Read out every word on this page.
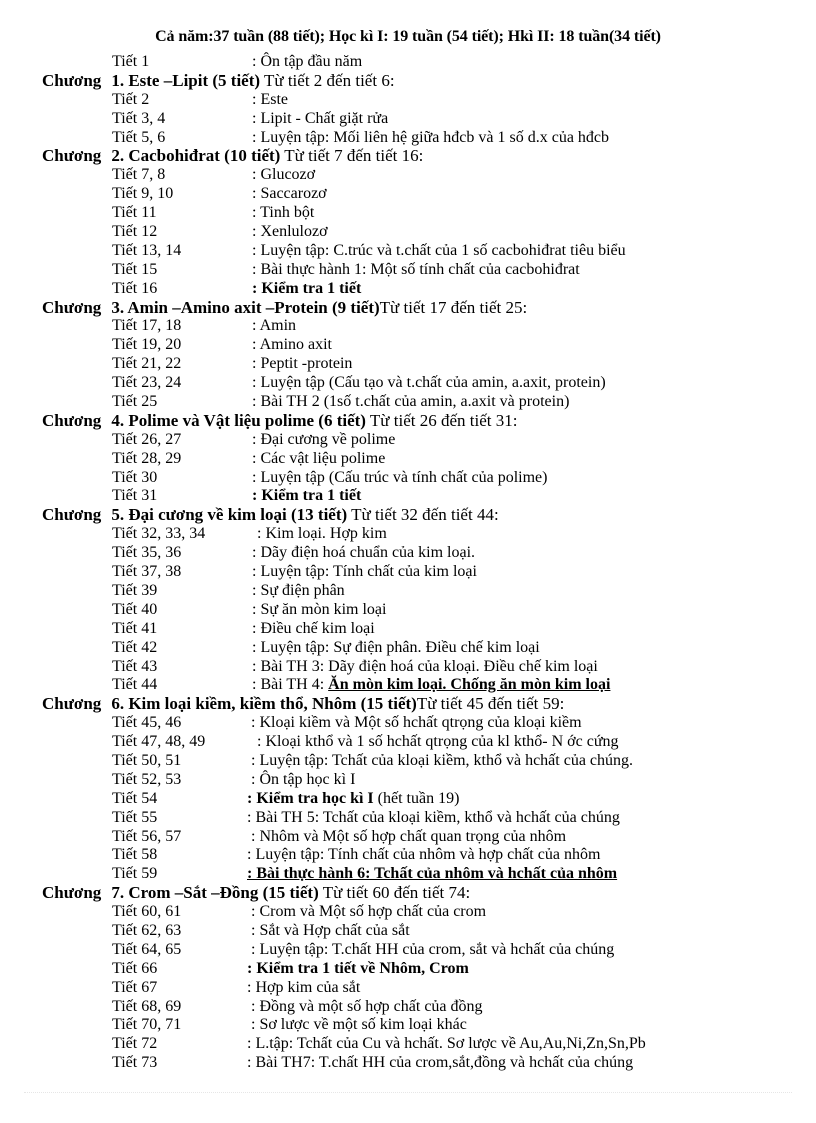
Cả năm:37 tuần (88 tiết); Học kì I: 19 tuần (54 tiết); Hkì II: 18 tuần(34 tiết)
Tiết 1	: Ôn tập đầu năm
Chương 1. Este –Lipit (5 tiết) Từ tiết 2 đến tiết 6:
Tiết 2	: Este
Tiết 3, 4	: Lipit - Chất giặt rửa
Tiết 5, 6	: Luyện tập: Mối liên hệ giữa hđcb và 1 số d.x của hđcb
Chương 2. Cacbohiđrat (10 tiết) Từ tiết 7 đến tiết 16:
Tiết 7, 8	: Glucozơ
Tiết 9, 10	: Saccarozơ
Tiết 11	: Tinh bột
Tiết 12	: Xenlulozơ
Tiết 13, 14	: Luyện tập: C.trúc và t.chất của 1 số cacbohiđrat tiêu biểu
Tiết 15	: Bài thực hành 1: Một số tính chất của cacbohiđrat
Tiết 16	: Kiểm tra 1 tiết
Chương 3. Amin –Amino axit –Protein (9 tiết)Từ tiết 17 đến tiết 25:
Tiết 17, 18	: Amin
Tiết 19, 20	: Amino axit
Tiết 21, 22	: Peptit -protein
Tiết 23, 24	: Luyện tập (Cấu tạo và t.chất của amin, a.axit, protein)
Tiết 25	: Bài TH 2 (1số t.chất của amin, a.axit và protein)
Chương 4. Polime và Vật liệu polime (6 tiết) Từ tiết 26 đến tiết 31:
Tiết 26, 27	: Đại cương về polime
Tiết 28, 29	: Các vật liệu polime
Tiết 30	: Luyện tập (Cấu trúc và tính chất của polime)
Tiết 31	: Kiểm tra 1 tiết
Chương 5. Đại cương về kim loại (13 tiết) Từ tiết 32 đến tiết 44:
Tiết 32, 33, 34	: Kim loại. Hợp kim
Tiết 35, 36	: Dãy điện hoá chuẩn của kim loại.
Tiết 37, 38	: Luyện tập: Tính chất của kim loại
Tiết 39	: Sự điện phân
Tiết 40	: Sự ăn mòn kim loại
Tiết 41	: Điều chế kim loại
Tiết 42	: Luyện tập: Sự điện phân. Điều chế kim loại
Tiết 43	: Bài TH 3: Dãy điện hoá của kloại. Điều chế kim loại
Tiết 44	: Bài TH 4: Ăn mòn kim loại. Chống ăn mòn kim loại
Chương 6. Kim loại kiềm, kiềm thổ, Nhôm (15 tiết)Từ tiết 45 đến tiết 59:
Tiết 45, 46	: Kloại kiềm và Một số hchất qtrọng của kloại kiềm
Tiết 47, 48, 49	: Kloại kthổ và 1 số hchất qtrọng của kl kthổ- N ớc cứng
Tiết 50, 51	: Luyện tập: Tchất của kloại kiềm, kthổ và hchất của chúng.
Tiết 52, 53	: Ôn tập học kì I
Tiết 54	: Kiểm tra học kì I (hết tuần 19)
Tiết 55	: Bài TH 5: Tchất của kloại kiềm, kthổ và hchất của chúng
Tiết 56, 57	: Nhôm và Một số hợp chất quan trọng của nhôm
Tiết 58	: Luyện tập: Tính chất của nhôm và hợp chất của nhôm
Tiết 59	: Bài thực hành 6: Tchất của nhôm và hchất của nhôm
Chương 7. Crom –Sắt –Đồng (15 tiết) Từ tiết 60 đến tiết 74:
Tiết 60, 61	: Crom và Một số hợp chất của crom
Tiết 62, 63	: Sắt và Hợp chất của sắt
Tiết 64, 65	: Luyện tập: T.chất HH của crom, sắt và hchất của chúng
Tiết 66	: Kiểm tra 1 tiết về Nhôm, Crom
Tiết 67	: Hợp kim của sắt
Tiết 68, 69	: Đồng và một số hợp chất của đồng
Tiết 70, 71	: Sơ lược về một số kim loại khác
Tiết 72	: L.tập: Tchất của Cu và hchất. Sơ lược về Au,Au,Ni,Zn,Sn,Pb
Tiết 73	: Bài TH7: T.chất HH của crom,sắt,đồng và hchất của chúng
